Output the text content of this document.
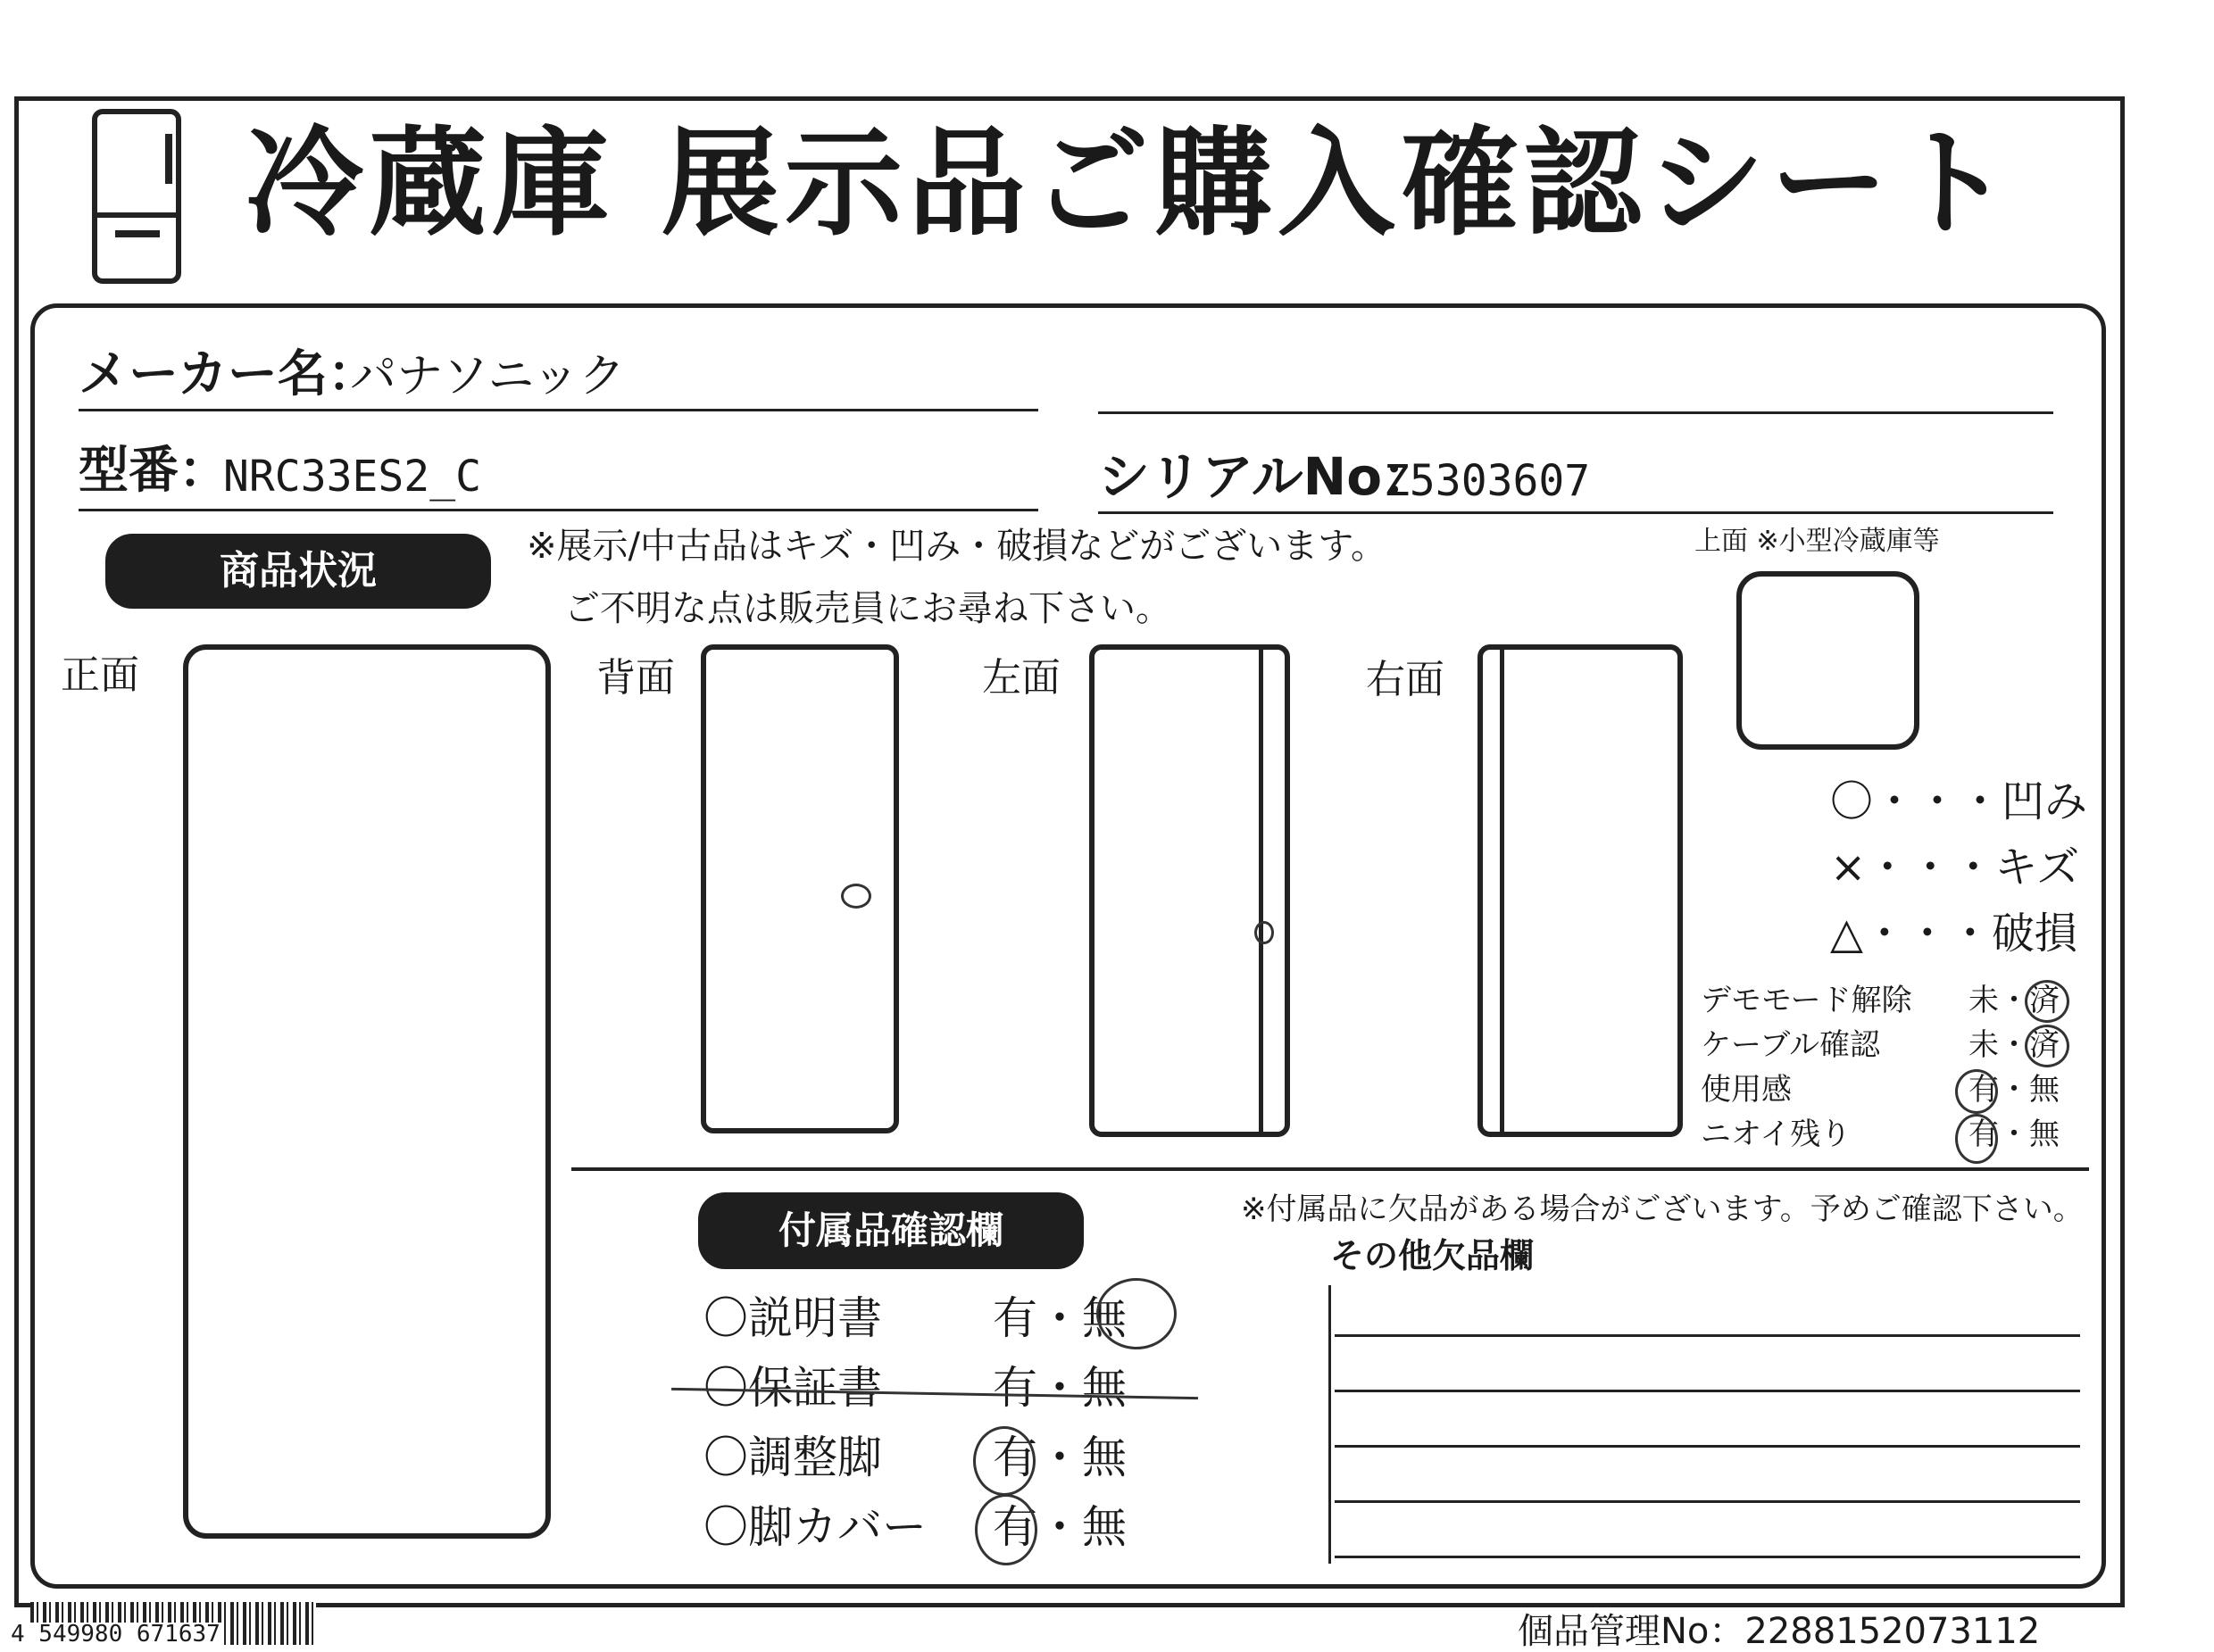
冷蔵庫 展示品ご購入確認シート
メーカー名：
パナソニック
型番：
NRC33ES2_C	シリアルNo：
Z5303607
商品状況
※展示/中古品はキズ・凹み・破損などがございます。
ご不明な点は販売員にお尋ね下さい。
正面	背面	左面	右面
上面 ※小型冷蔵庫等
〇・・・凹み
×・・・キズ
△・・・破損
デモモード解除 未・済
ケーブル確認	未・済
使用感	有・無
ニオイ残り	有・無
付属品確認欄	※付属品に欠品がある場合がございます。予めご確認下さい。
その他欠品欄
〇説明書 有・無
〇保証書 有・無
〇調整脚 有・無
〇脚カバー 有・無
4 549980 671637	個品管理No：2288152073112
